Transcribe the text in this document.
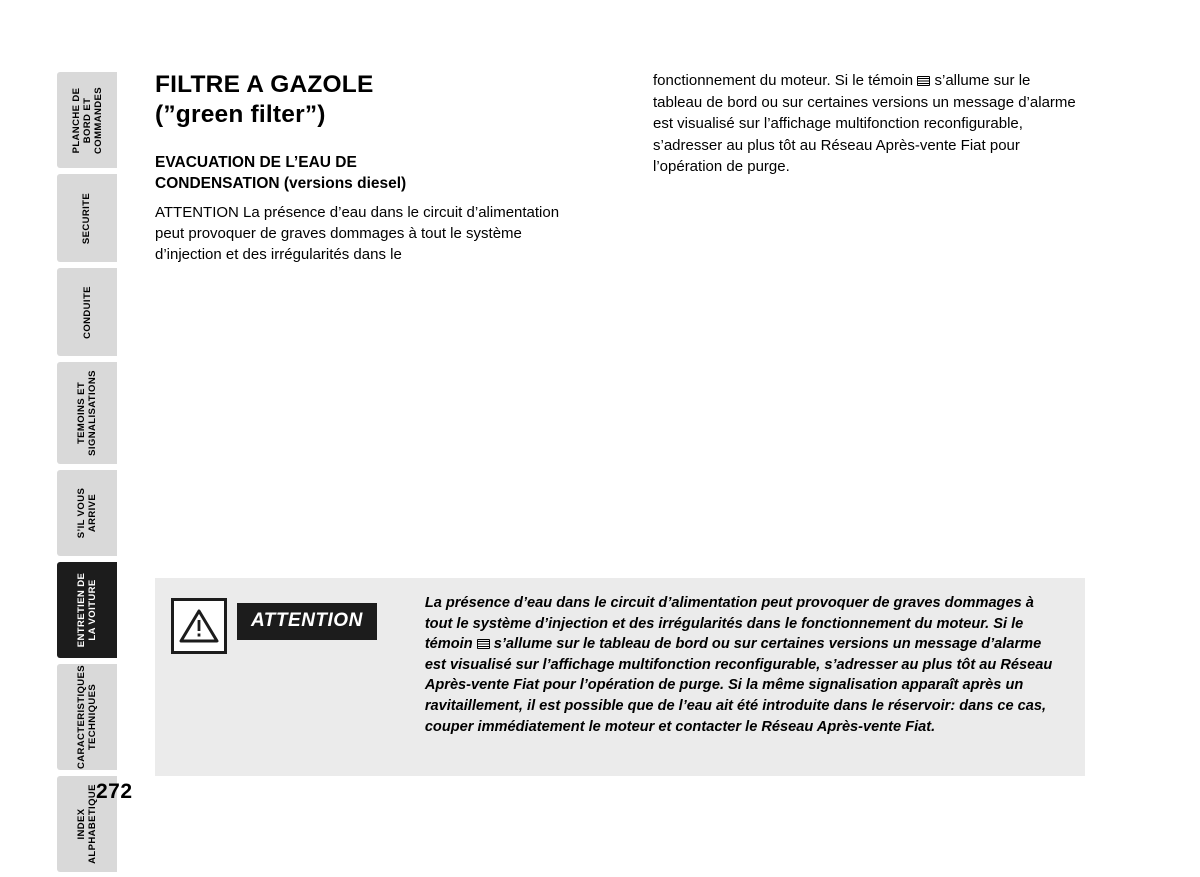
PLANCHE DE
BORD ET
COMMANDES
SECURITE
CONDUITE
TEMOINS ET
SIGNALISATIONS
S’IL VOUS
ARRIVE
ENTRETIEN DE
LA VOITURE
CARACTERISTIQUES
TECHNIQUES
INDEX
ALPHABETIQUE
272
FILTRE A GAZOLE
(”green filter”)
EVACUATION DE L’EAU DE
CONDENSATION (versions diesel)

ATTENTION La présence d’eau dans le circuit d’alimentation peut provoquer de graves dommages à tout le système d’injection et des irrégularités dans le

fonctionnement du moteur. Si le témoin  s’allume sur le tableau de bord ou sur certaines versions un message d’alarme est visualisé sur l’affichage multifonction reconfigurable, s’adresser au plus tôt au Réseau Après-vente Fiat pour l’opération de purge.

ATTENTION
La présence d’eau dans le circuit d’alimentation peut provoquer de graves dommages à tout le système d’injection et des irrégularités dans le fonctionnement du moteur. Si le témoin  s’allume sur le tableau de bord ou sur certaines versions un message d’alarme est visualisé sur l’affichage multifonction reconfigurable, s’adresser au plus tôt au Réseau Après-vente Fiat pour l’opération de purge. Si la même signalisation apparaît après un ravitaillement, il est possible que de l’eau ait été introduite dans le réservoir: dans ce cas, couper immédiatement le moteur et contacter le Réseau Après-vente Fiat.
